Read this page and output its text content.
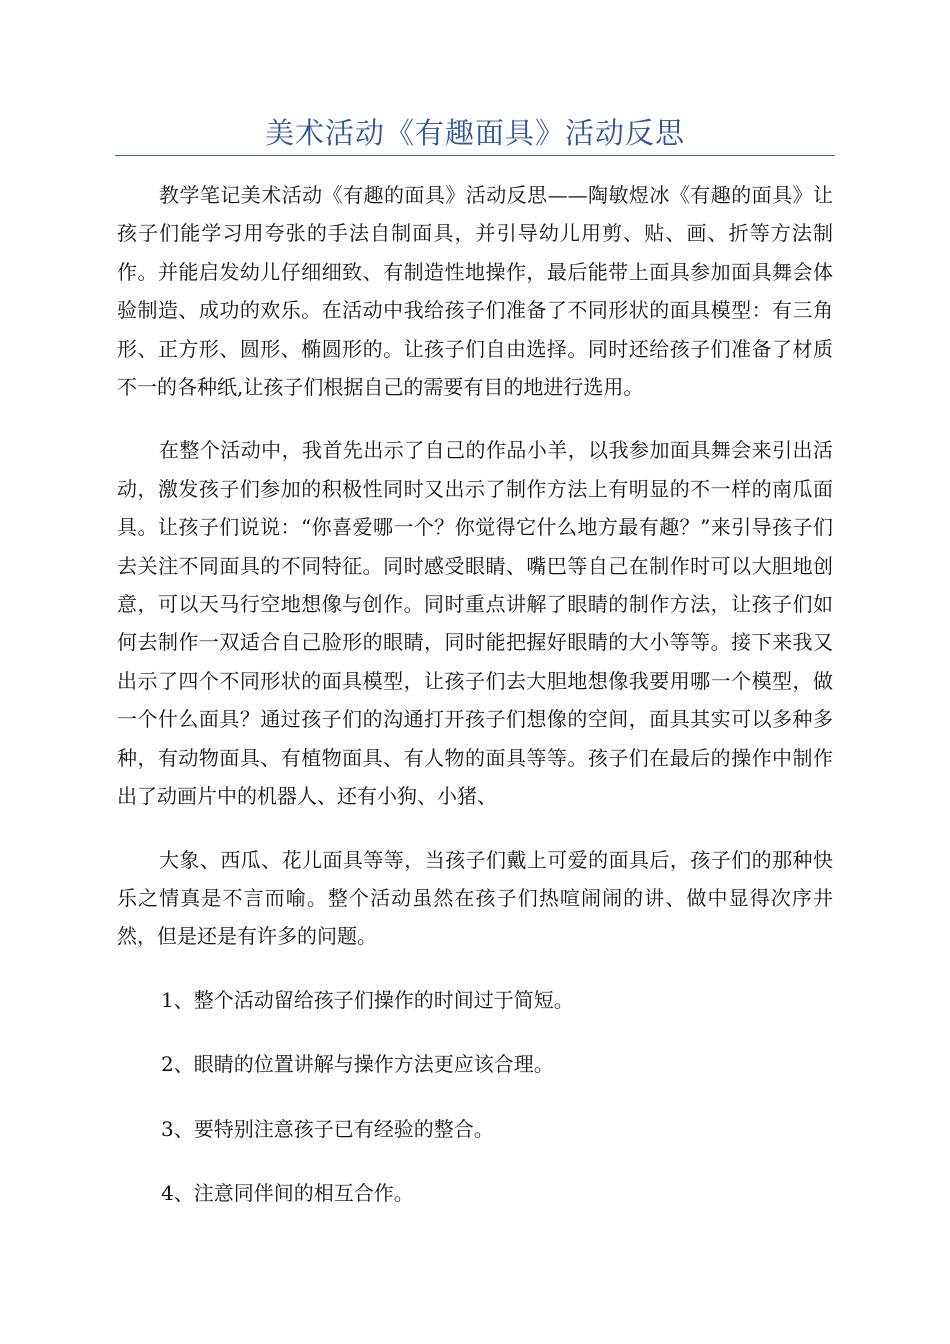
美术活动《有趣面具》活动反思

教学笔记美术活动《有趣的面具》活动反思——陶敏煜冰《有趣的面具》让孩子们能学习用夸张的手法自制面具，并引导幼儿用剪、贴、画、折等方法制作。并能启发幼儿仔细细致、有制造性地操作，最后能带上面具参加面具舞会体验制造、成功的欢乐。在活动中我给孩子们准备了不同形状的面具模型：有三角形、正方形、圆形、椭圆形的。让孩子们自由选择。同时还给孩子们准备了材质不一的各种纸,让孩子们根据自己的需要有目的地进行选用。

在整个活动中，我首先出示了自己的作品小羊，以我参加面具舞会来引出活动，激发孩子们参加的积极性同时又出示了制作方法上有明显的不一样的南瓜面具。让孩子们说说：“你喜爱哪一个？你觉得它什么地方最有趣？”来引导孩子们去关注不同面具的不同特征。同时感受眼睛、嘴巴等自己在制作时可以大胆地创意，可以天马行空地想像与创作。同时重点讲解了眼睛的制作方法，让孩子们如何去制作一双适合自己脸形的眼睛，同时能把握好眼睛的大小等等。接下来我又出示了四个不同形状的面具模型，让孩子们去大胆地想像我要用哪一个模型，做一个什么面具？通过孩子们的沟通打开孩子们想像的空间，面具其实可以多种多种，有动物面具、有植物面具、有人物的面具等等。孩子们在最后的操作中制作出了动画片中的机器人、还有小狗、小猪、

大象、西瓜、花儿面具等等，当孩子们戴上可爱的面具后，孩子们的那种快乐之情真是不言而喻。整个活动虽然在孩子们热喧闹闹的讲、做中显得次序井然，但是还是有许多的问题。

1、整个活动留给孩子们操作的时间过于简短。

2、眼睛的位置讲解与操作方法更应该合理。

3、要特别注意孩子已有经验的整合。

4、注意同伴间的相互合作。
